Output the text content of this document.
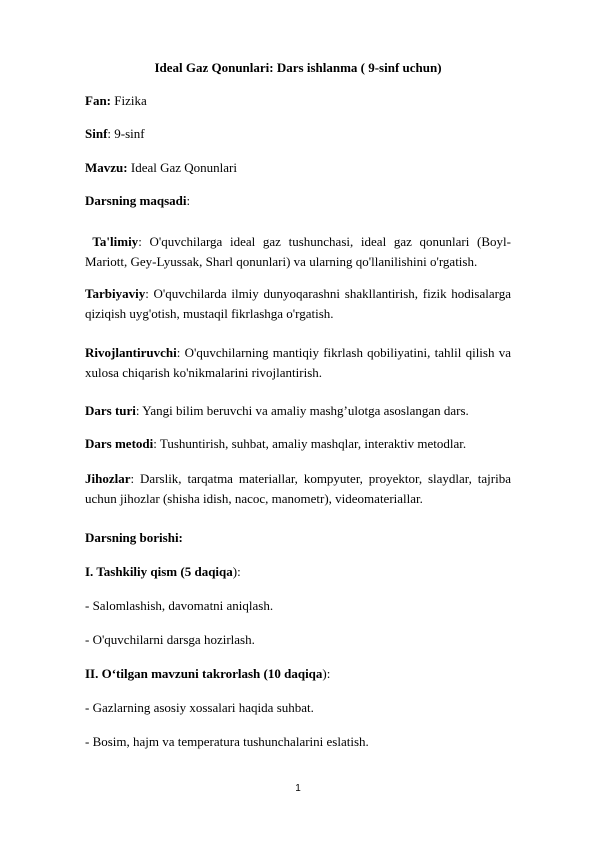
Ideal Gaz Qonunlari: Dars ishlanma ( 9-sinf uchun)
Fan: Fizika
Sinf: 9-sinf
Mavzu: Ideal Gaz Qonunlari
Darsning maqsadi:
Ta'limiy: O'quvchilarga ideal gaz tushunchasi, ideal gaz qonunlari (Boyl-Mariott, Gey-Lyussak, Sharl qonunlari) va ularning qo'llanilishini o'rgatish.
Tarbiyaviy: O'quvchilarda ilmiy dunyoqarashni shakllantirish, fizik hodisalarga qiziqish uyg'otish, mustaqil fikrlashga o'rgatish.
Rivojlantiruvchi: O'quvchilarning mantiqiy fikrlash qobiliyatini, tahlil qilish va xulosa chiqarish ko'nikmalarini rivojlantirish.
Dars turi: Yangi bilim beruvchi va amaliy mashg’ulotga asoslangan dars.
Dars metodi: Tushuntirish, suhbat, amaliy mashqlar, interaktiv metodlar.
Jihozlar: Darslik, tarqatma materiallar, kompyuter, proyektor, slaydlar, tajriba uchun jihozlar (shisha idish, nacoc, manometr), videomateriallar.
Darsning borishi:
I. Tashkiliy qism (5 daqiqa):
- Salomlashish, davomatni aniqlash.
- O'quvchilarni darsga hozirlash.
II. O‘tilgan mavzuni takrorlash (10 daqiqa):
- Gazlarning asosiy xossalari haqida suhbat.
- Bosim, hajm va temperatura tushunchalarini eslatish.
1
